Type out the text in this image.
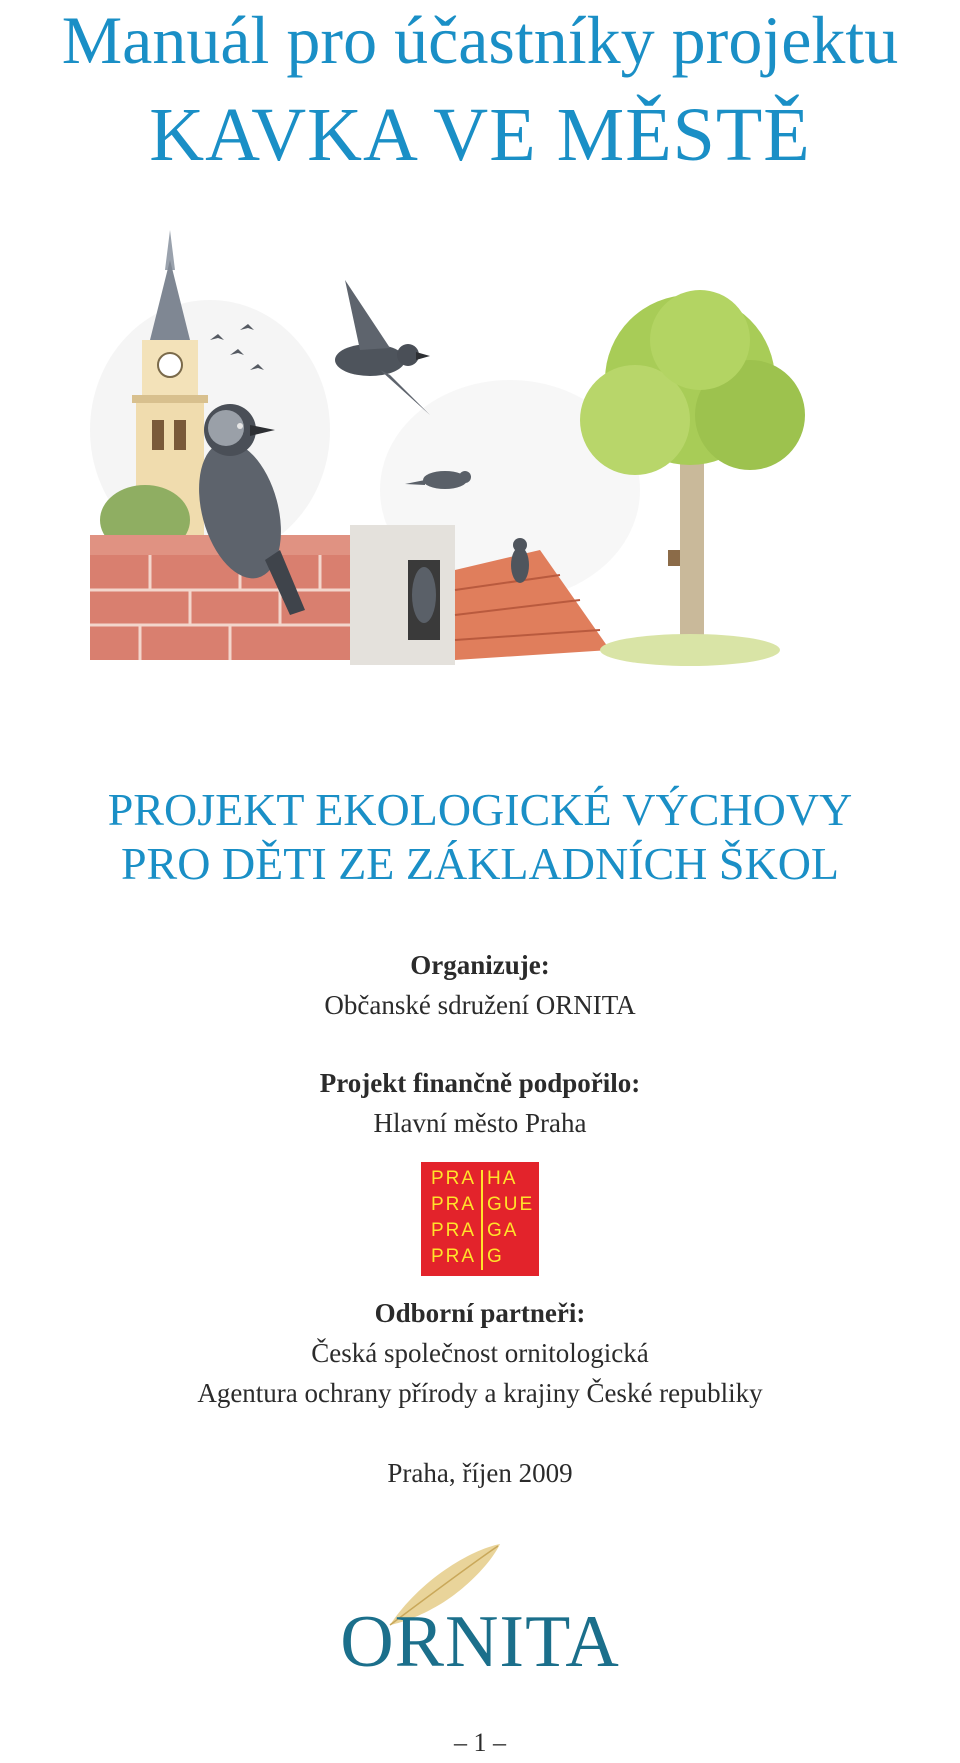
Manuál pro účastníky projektu
KAVKA VE MĚSTĚ
PROJEKT EKOLOGICKÉ VÝCHOVY
PRO DĚTI ZE ZÁKLADNÍCH ŠKOL
Organizuje:
Občanské sdružení ORNITA
Projekt finančně podpořilo:
Hlavní město Praha
PRA HA
PRA GUE
PRA GA
PRA G
Odborní partneři:
Česká společnost ornitologická
Agentura ochrany přírody a krajiny České republiky
Praha, říjen 2009
ORNITA
– 1 –
